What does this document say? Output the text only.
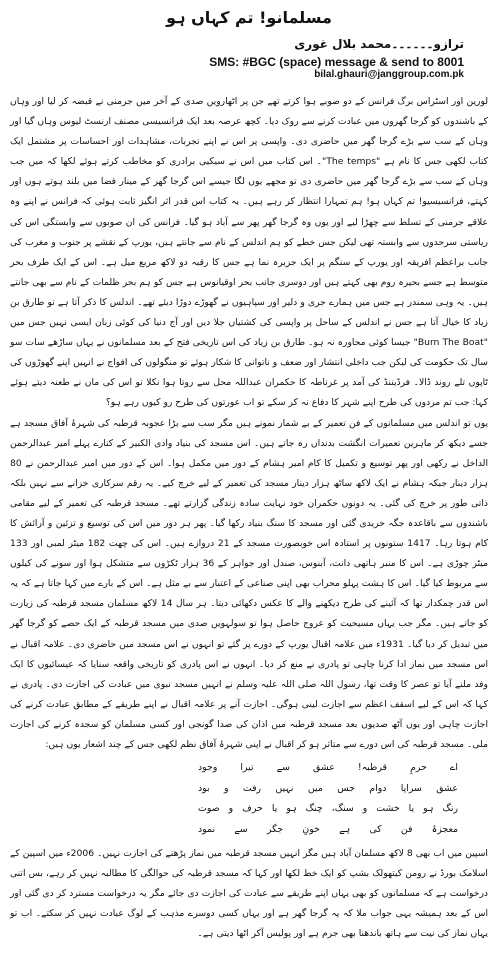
مسلمانو! تم کہاں ہو
ترازو۔۔۔۔۔۔محمد بلال غوری
SMS: #BGC (space) message & send to 8001
bilal.ghauri@janggroup.com.pk

لورین اور اسٹراس برگ فرانس کے دو صوبے ہوا کرتے تھے جن پر اٹھارویں صدی کے آخر میں جرمنی نے قبضہ کر لیا اور وہاں کے باشندوں کو گرجا گھروں میں عبادت کرنے سے روک دیا۔ کچھ عرصہ بعد ایک فرانسیسی مصنف ارنسٹ لیوس وہاں گیا اور وہاں کے سب سے بڑے گرجا گھر میں حاضری دی۔ واپسی پر اس نے اپنے تجربات، مشاہدات اور احساسات پر مشتمل ایک کتاب لکھی جس کا نام ہے "The temps"۔ اس کتاب میں اس نے سیکیی برادری کو مخاطب کرتے ہوئے لکھا کہ میں جب وہاں کے سب سے بڑے گرجا گھر میں حاضری دی تو مجھے یوں لگا جیسے اس گرجا گھر کے مینار فضا میں بلند ہوتے ہوں اور کہتے، فرانسیسیو! تم کہاں ہو! ہم تمہارا انتظار کر رہے ہیں۔ یہ کتاب اس قدر اثر انگیز ثابت ہوئی کہ فرانس نے اپنے وہ علاقے جرمنی کے تسلط سے چھڑا لیے اور یوں وہ گرجا گھر پھر سے آباد ہو گیا۔ فرانس کی ان صوبوں سے وابستگی اس کی ریاستی سرحدوں سے وابستہ تھی لیکن جس خطے کو ہم اندلس کے نام سے جانتے ہیں، یورپ کے نقشے پر جنوب و مغرب کی جانب براعظم افریقہ اور یورپ کے سنگم پر ایک جزیرہ نما ہے جس کا رقبہ دو لاکھ مربع میل ہے۔ اس کے ایک طرف بحر متوسط ہے جسے بحیرہ روم بھی کہتے ہیں اور دوسری جانب بحر اوقیانوس ہے جس کو ہم بحر ظلمات کے نام سے بھی جانتے ہیں۔ یہ وہی سمندر ہے جس میں ہمارے جری و دلیر اور سپاہیوں نے گھوڑے دوڑا دیئے تھے۔ اندلس کا ذکر آتا ہے تو طارق بن زیاد کا خیال آتا ہے جس نے اندلس کے ساحل پر واپسی کی کشتیاں جلا دیں اور آج دنیا کی کوئی زبان ایسی نہیں جس میں "Burn The Boat" جیسا کوئی محاورہ نہ ہو۔ طارق بن زیاد کی اس تاریخی فتح کے بعد مسلمانوں نے یہاں ساڑھے سات سو سال تک حکومت کی لیکن جب داخلی انتشار اور ضعف و ناتوانی کا شکار ہوئے تو منگولوں کی افواج نے انہیں اپنے گھوڑوں کی ٹاپوں تلے روند ڈالا۔ فرڈیننڈ کی آمد پر غرناطہ کا حکمران عبداللہ محل سے روتا ہوا نکلا تو اس کی ماں نے طعنہ دیتے ہوئے کہا: جب تم مردوں کی طرح اپنے شہر کا دفاع نہ کر سکے تو اب عورتوں کی طرح رو کیوں رہے ہو؟

یوں تو اندلس میں مسلمانوں کے فن تعمیر کے بے شمار نمونے ہیں مگر سب سے بڑا عجوبہ قرطبہ کی شہرۂ آفاق مسجد ہے جسے دیکھ کر ماہرین تعمیرات انگشت بدنداں رہ جاتے ہیں۔ اس مسجد کی بنیاد وادی الکبیر کے کنارے پہلے امیر عبدالرحمن الداخل نے رکھی اور پھر توسیع و تکمیل کا کام امیر ہشام کے دور میں مکمل ہوا۔ اس کے دور میں امیر عبدالرحمن نے 80 ہزار دینار جبکہ ہشام نے ایک لاکھ ساٹھ ہزار دینار مسجد کی تعمیر کے لیے خرچ کیے۔ یہ رقم سرکاری خزانے سے نہیں بلکہ ذاتی طور پر خرچ کی گئی۔ یہ دونوں حکمران خود نہایت سادہ زندگی گزارتے تھے۔ مسجد قرطبہ کی تعمیر کے لیے مقامی باشندوں سے باقاعدہ جگہ خریدی گئی اور مسجد کا سنگ بنیاد رکھا گیا۔ پھر ہر دور میں اس کی توسیع و تزئین و آرائش کا کام ہوتا رہا۔ 1417 ستونوں پر استادہ اس خوبصورت مسجد کے 21 دروازے ہیں۔ اس کی چھت 182 میٹر لمبی اور 133 میٹر چوڑی ہے۔ اس کا منبر ہاتھی دانت، آبنوس، صندل اور جواہر کے 36 ہزار ٹکڑوں سے متشکل ہوا اور سونے کی کیلوں سے مربوط کیا گیا۔ اس کا ہشت پہلو محراب بھی اپنی صناعی کے اعتبار سے بے مثل ہے۔ اس کے بارے میں کہا جاتا ہے کہ یہ اس قدر چمکدار تھا کہ آئینے کی طرح دیکھنے والے کا عکس دکھائی دیتا۔ ہر سال 14 لاکھ مسلمان مسجد قرطبہ کی زیارت کو جاتے ہیں۔ مگر جب یہاں مسیحیت کو عروج حاصل ہوا تو سولہویں صدی میں مسجد قرطبہ کے ایک حصے کو گرجا گھر میں تبدیل کر دیا گیا۔ 1931ء میں علامہ اقبال یورپ کے دورے پر گئے تو انہوں نے اس مسجد میں حاضری دی۔ علامہ اقبال نے اس مسجد میں نماز ادا کرنا چاہی تو پادری نے منع کر دیا۔ انہوں نے اس پادری کو تاریخی واقعہ سنایا کہ عیسائیوں کا ایک وفد ملنے آیا تو عصر کا وقت تھا، رسول اللہ صلی اللہ علیہ وسلم نے انہیں مسجد نبوی میں عبادت کی اجازت دی۔ پادری نے کہا کہ اس کے لیے اسقف اعظم سے اجازت لینی ہوگی۔ اجازت آنے پر علامہ اقبال نے اپنے طریقے کے مطابق عبادت کرنے کی اجازت چاہی اور یوں آٹھ صدیوں بعد مسجد قرطبہ میں اذان کی صدا گونجی اور کسی مسلمان کو سجدہ کرنے کی اجازت ملی۔ مسجد قرطبہ کی اس دورے سے متاثر ہو کر اقبال نے اپنی شہرۂ آفاق نظم لکھی جس کے چند اشعار یوں ہیں:

اے حرمِ قرطبہ! عشق سے تیرا وجود
عشق سراپا دوام جس میں نہیں رفت و بود
رنگ ہو یا خشت و سنگ، چنگ ہو یا حرف و صوت
معجزۂ فن کی ہے خونِ جگر سے نمود

اسپین میں اب بھی 8 لاکھ مسلمان آباد ہیں مگر انہیں مسجد قرطبہ میں نماز پڑھنے کی اجازت نہیں۔ 2006ء میں اسپین کے اسلامک بورڈ نے رومن کیتھولک بشپ کو ایک خط لکھا اور کہا کہ مسجد قرطبہ کی حوالگی کا مطالبہ نہیں کر رہے، بس اتنی درخواست ہے کہ مسلمانوں کو بھی یہاں اپنے طریقے سے عبادت کی اجازت دی جائے مگر یہ درخواست مسترد کر دی گئی اور اس کے بعد ہمیشہ یہی جواب ملا کہ یہ گرجا گھر ہے اور یہاں کسی دوسرے مذہب کے لوگ عبادت نہیں کر سکتے۔ اب تو یہاں نماز کی نیت سے ہاتھ باندھنا بھی جرم ہے اور پولیس آکر اٹھا دیتی ہے۔
